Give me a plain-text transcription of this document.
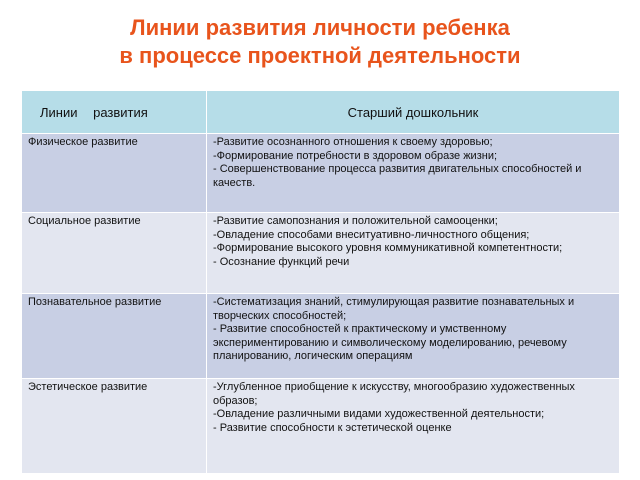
Линии развития личности ребенка
в процессе проектной деятельности
Линии развития	Старший дошкольник
Физическое развитие	-Развитие осознанного отношения к своему здоровью;
-Формирование потребности в здоровом образе жизни;
- Совершенствование процесса развития двигательных способностей и качеств.

Социальное развитие	-Развитие самопознания и положительной самооценки;
-Овладение способами внеситуативно-личностного общения;
-Формирование высокого уровня коммуникативной компетентности;
- Осознание функций речи

Познавательное развитие	-Систематизация знаний, стимулирующая развитие познавательных и творческих способностей;
- Развитие способностей к практическому и умственному экспериментированию и символическому моделированию, речевому планированию, логическим операциям

Эстетическое развитие	-Углубленное приобщение к искусству, многообразию художественных образов;
-Овладение различными видами художественной деятельности;
- Развитие способности к эстетической оценке
